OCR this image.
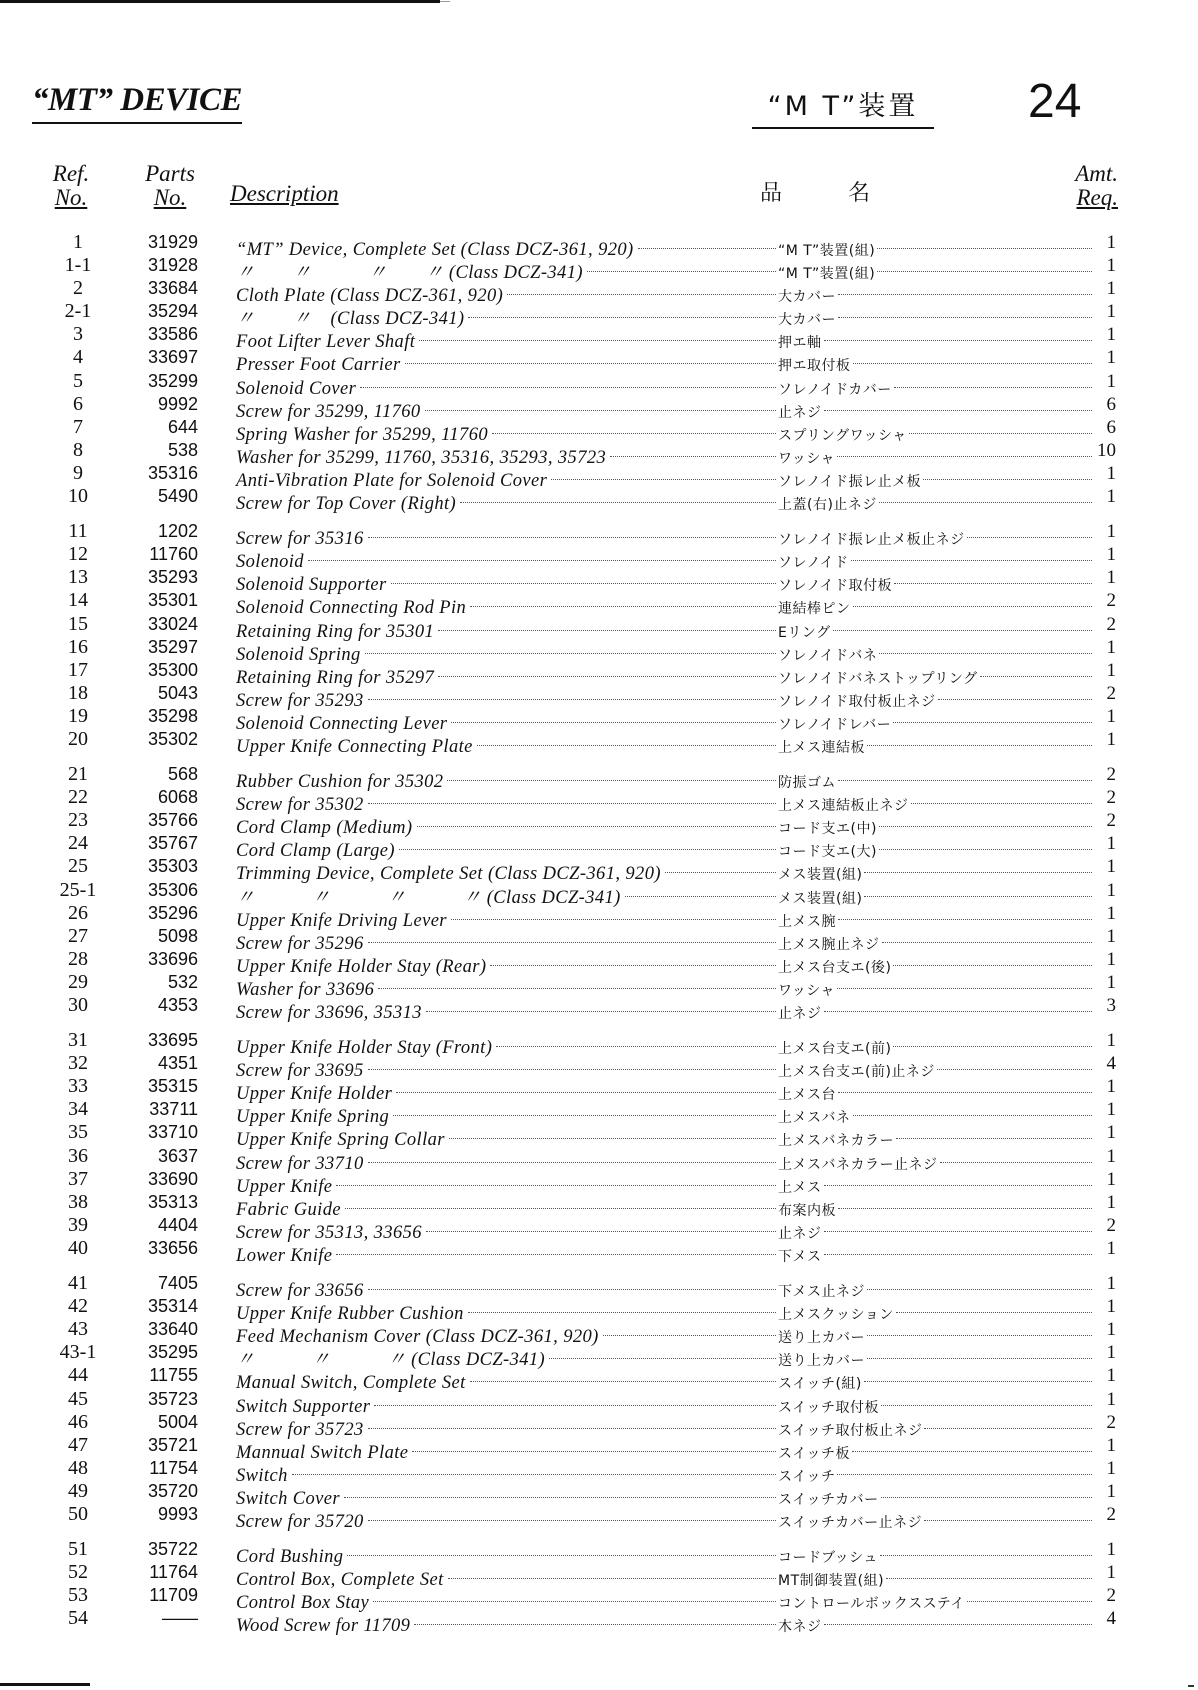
“MT” DEVICE	“M T”装置	24
Ref.
No.
Parts
No.	Description	品	名
Amt.
Req.
1	31929 “MT” Device, Complete Set (Class DCZ-361, 920)	“M T”装置(組)	1
1-1	31928 〃　　〃　　　〃　　〃 (Class DCZ-341)	“M T”装置(組)	1
2	33684 Cloth Plate (Class DCZ-361, 920)	大カバー	1
2-1	35294 〃　　〃　(Class DCZ-341)	大カバー	1
3	33586 Foot Lifter Lever Shaft	押エ軸	1
4	33697 Presser Foot Carrier	押エ取付板	1
5	35299 Solenoid Cover	ソレノイドカバー	1
6	9992 Screw for 35299, 11760	止ネジ	6
7	644 Spring Washer for 35299, 11760	スプリングワッシャ	6
8	538 Washer for 35299, 11760, 35316, 35293, 35723	ワッシャ	10
9	35316 Anti-Vibration Plate for Solenoid Cover	ソレノイド振レ止メ板	1
10	5490 Screw for Top Cover (Right)	上蓋(右)止ネジ	1
11	1202 Screw for 35316	ソレノイド振レ止メ板止ネジ	1
12	11760 Solenoid	ソレノイド	1
13	35293 Solenoid Supporter	ソレノイド取付板	1
14	35301 Solenoid Connecting Rod Pin	連結棒ピン	2
15	33024 Retaining Ring for 35301	Eリング	2
16	35297 Solenoid Spring	ソレノイドバネ	1
17	35300 Retaining Ring for 35297	ソレノイドバネストップリング	1
18	5043 Screw for 35293	ソレノイド取付板止ネジ	2
19	35298 Solenoid Connecting Lever	ソレノイドレバー	1
20	35302 Upper Knife Connecting Plate	上メス連結板	1
21	568 Rubber Cushion for 35302	防振ゴム	2
22	6068 Screw for 35302	上メス連結板止ネジ	2
23	35766 Cord Clamp (Medium)	コード支エ(中)	2
24	35767 Cord Clamp (Large)	コード支エ(大)	1
25	35303 Trimming Device, Complete Set (Class DCZ-361, 920)	メス装置(組)	1
25-1	35306 〃　　　〃　　　〃　　　〃 (Class DCZ-341)	メス装置(組)	1
26	35296 Upper Knife Driving Lever	上メス腕	1
27	5098 Screw for 35296	上メス腕止ネジ	1
28	33696 Upper Knife Holder Stay (Rear)	上メス台支エ(後)	1
29	532 Washer for 33696	ワッシャ	1
30	4353 Screw for 33696, 35313	止ネジ	3
31	33695 Upper Knife Holder Stay (Front)	上メス台支エ(前)	1
32	4351 Screw for 33695	上メス台支エ(前)止ネジ	4
33	35315 Upper Knife Holder	上メス台	1
34	33711 Upper Knife Spring	上メスバネ	1
35	33710 Upper Knife Spring Collar	上メスバネカラー	1
36	3637 Screw for 33710	上メスバネカラー止ネジ	1
37	33690 Upper Knife	上メス	1
38	35313 Fabric Guide	布案内板	1
39	4404 Screw for 35313, 33656	止ネジ	2
40	33656 Lower Knife	下メス	1
41	7405 Screw for 33656	下メス止ネジ	1
42	35314 Upper Knife Rubber Cushion	上メスクッション	1
43	33640 Feed Mechanism Cover (Class DCZ-361, 920)	送り上カバー	1
43-1	35295 〃　　　〃　　　〃 (Class DCZ-341)	送り上カバー	1
44	11755 Manual Switch, Complete Set	スイッチ(組)	1
45	35723 Switch Supporter	スイッチ取付板	1
46	5004 Screw for 35723	スイッチ取付板止ネジ	2
47	35721 Mannual Switch Plate	スイッチ板	1
48	11754 Switch	スイッチ	1
49	35720 Switch Cover	スイッチカバー	1
50	9993 Screw for 35720	スイッチカバー止ネジ	2
51	35722 Cord Bushing	コードブッシュ	1
52	11764 Control Box, Complete Set	MT制御装置(組)	1
53	11709 Control Box Stay	コントロールボックスステイ	2
54	—— Wood Screw for 11709	木ネジ	4
